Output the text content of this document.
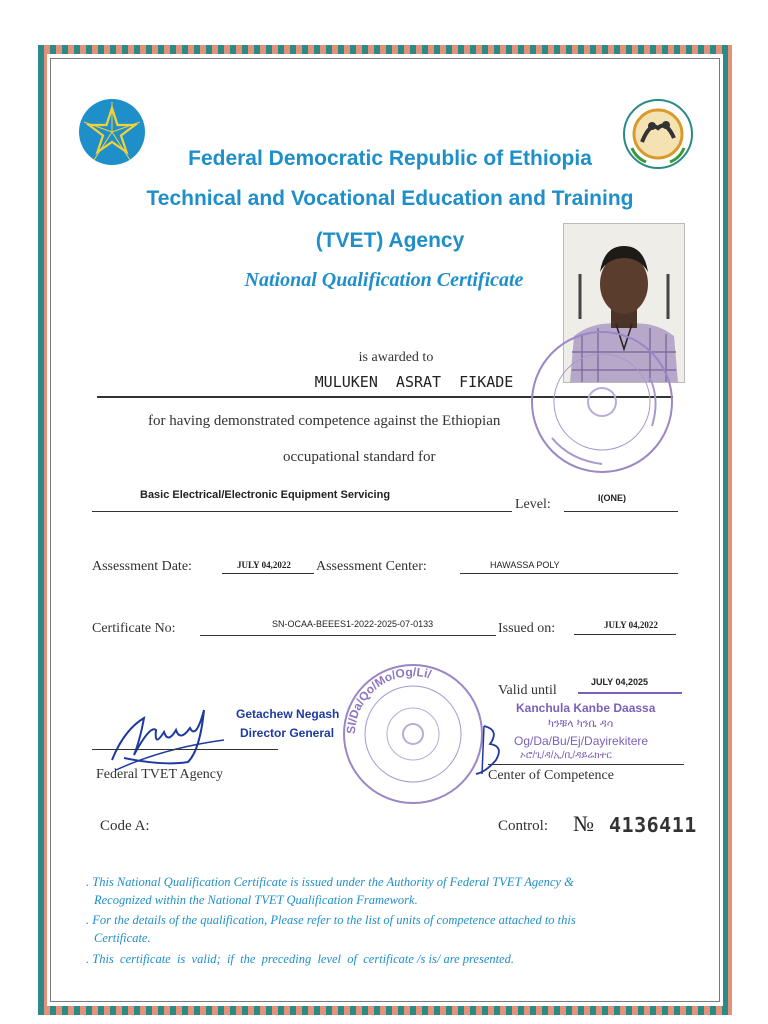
Federal Democratic Republic of Ethiopia
Technical and Vocational Education and Training
(TVET) Agency
National Qualification Certificate
is awarded to
MULUKEN  ASRAT  FIKADE
for having demonstrated competence against the Ethiopian
occupational standard for
Basic Electrical/Electronic Equipment Servicing
Level:	I(ONE)
Assessment Date:	JULY 04,2022 Assessment Center:	HAWASSA POLY
Certificate No:	SN-OCAA-BEEES1-2022-2025-07-0133	Issued on:	JULY 04,2022
JULY 04,2025
Valid until
Kanchula Kanbe Daassa
ካንቹላ ካንቤ ዳሳ
Og/Da/Bu/Ej/Dayirekitere
ኦሮ/ጊ/ዳ/ኢ/ቢ/ዳይሬክተር
Center of Competence
Getachew Negash
Director General
Federal TVET Agency
SI/Da/Qo/Mo/Og/Li/
Code A:	Control: № 4136411
. This National Qualification Certificate is issued under the Authority of Federal TVET Agency &
Recognized within the National TVET Qualification Framework.
. For the details of the qualification, Please refer to the list of units of competence attached to this
Certificate.
. This  certificate  is  valid;  if  the  preceding  level  of  certificate /s is/ are presented.
